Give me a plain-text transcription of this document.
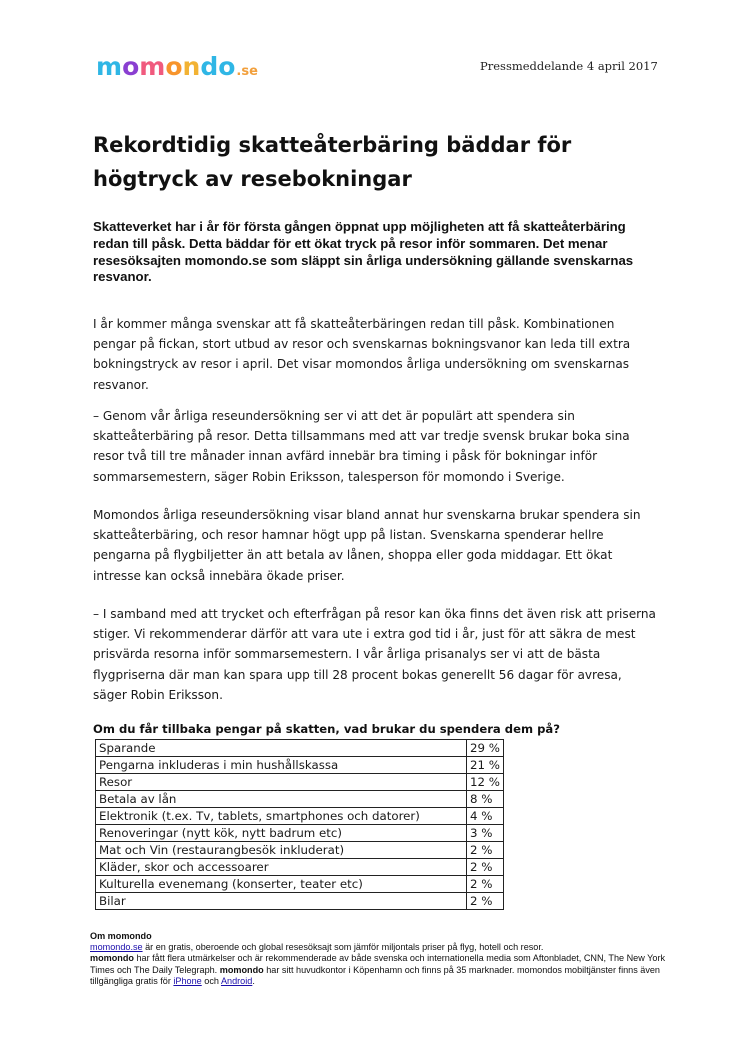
momondo.se	Pressmeddelande 4 april 2017
Rekordtidig skatteåterbäring bäddar för högtryck av resebokningar

Skatteverket har i år för första gången öppnat upp möjligheten att få skatteåterbäring redan till påsk. Detta bäddar för ett ökat tryck på resor inför sommaren. Det menar resesöksajten momondo.se som släppt sin årliga undersökning gällande svenskarnas resvanor.

I år kommer många svenskar att få skatteåterbäringen redan till påsk. Kombinationen pengar på fickan, stort utbud av resor och svenskarnas bokningsvanor kan leda till extra bokningstryck av resor i april. Det visar momondos årliga undersökning om svenskarnas resvanor.

– Genom vår årliga reseundersökning ser vi att det är populärt att spendera sin skatteåterbäring på resor. Detta tillsammans med att var tredje svensk brukar boka sina resor två till tre månader innan avfärd innebär bra timing i påsk för bokningar inför sommarsemestern, säger Robin Eriksson, talesperson för momondo i Sverige.

Momondos årliga reseundersökning visar bland annat hur svenskarna brukar spendera sin skatteåterbäring, och resor hamnar högt upp på listan. Svenskarna spenderar hellre pengarna på flygbiljetter än att betala av lånen, shoppa eller goda middagar. Ett ökat intresse kan också innebära ökade priser.

– I samband med att trycket och efterfrågan på resor kan öka finns det även risk att priserna stiger. Vi rekommenderar därför att vara ute i extra god tid i år, just för att säkra de mest prisvärda resorna inför sommarsemestern. I vår årliga prisanalys ser vi att de bästa flygpriserna där man kan spara upp till 28 procent bokas generellt 56 dagar för avresa, säger Robin Eriksson.

Om du får tillbaka pengar på skatten, vad brukar du spendera dem på?

Sparande	29 %
Pengarna inkluderas i min hushållskassa	21 %
Resor	12 %
Betala av lån	8 %
Elektronik (t.ex. Tv, tablets, smartphones och datorer)	4 %
Renoveringar (nytt kök, nytt badrum etc)	3 %
Mat och Vin (restaurangbesök inkluderat)	2 %
Kläder, skor och accessoarer	2 %
Kulturella evenemang (konserter, teater etc)	2 %
Bilar	2 %
Om momondo
momondo.se är en gratis, oberoende och global resesöksajt som jämför miljontals priser på flyg, hotell och resor.
momondo har fått flera utmärkelser och är rekommenderade av både svenska och internationella media som Aftonbladet, CNN, The New York Times och The Daily Telegraph. momondo har sitt huvudkontor i Köpenhamn och finns på 35 marknader. momondos mobiltjänster finns även tillgängliga gratis för iPhone och Android.
